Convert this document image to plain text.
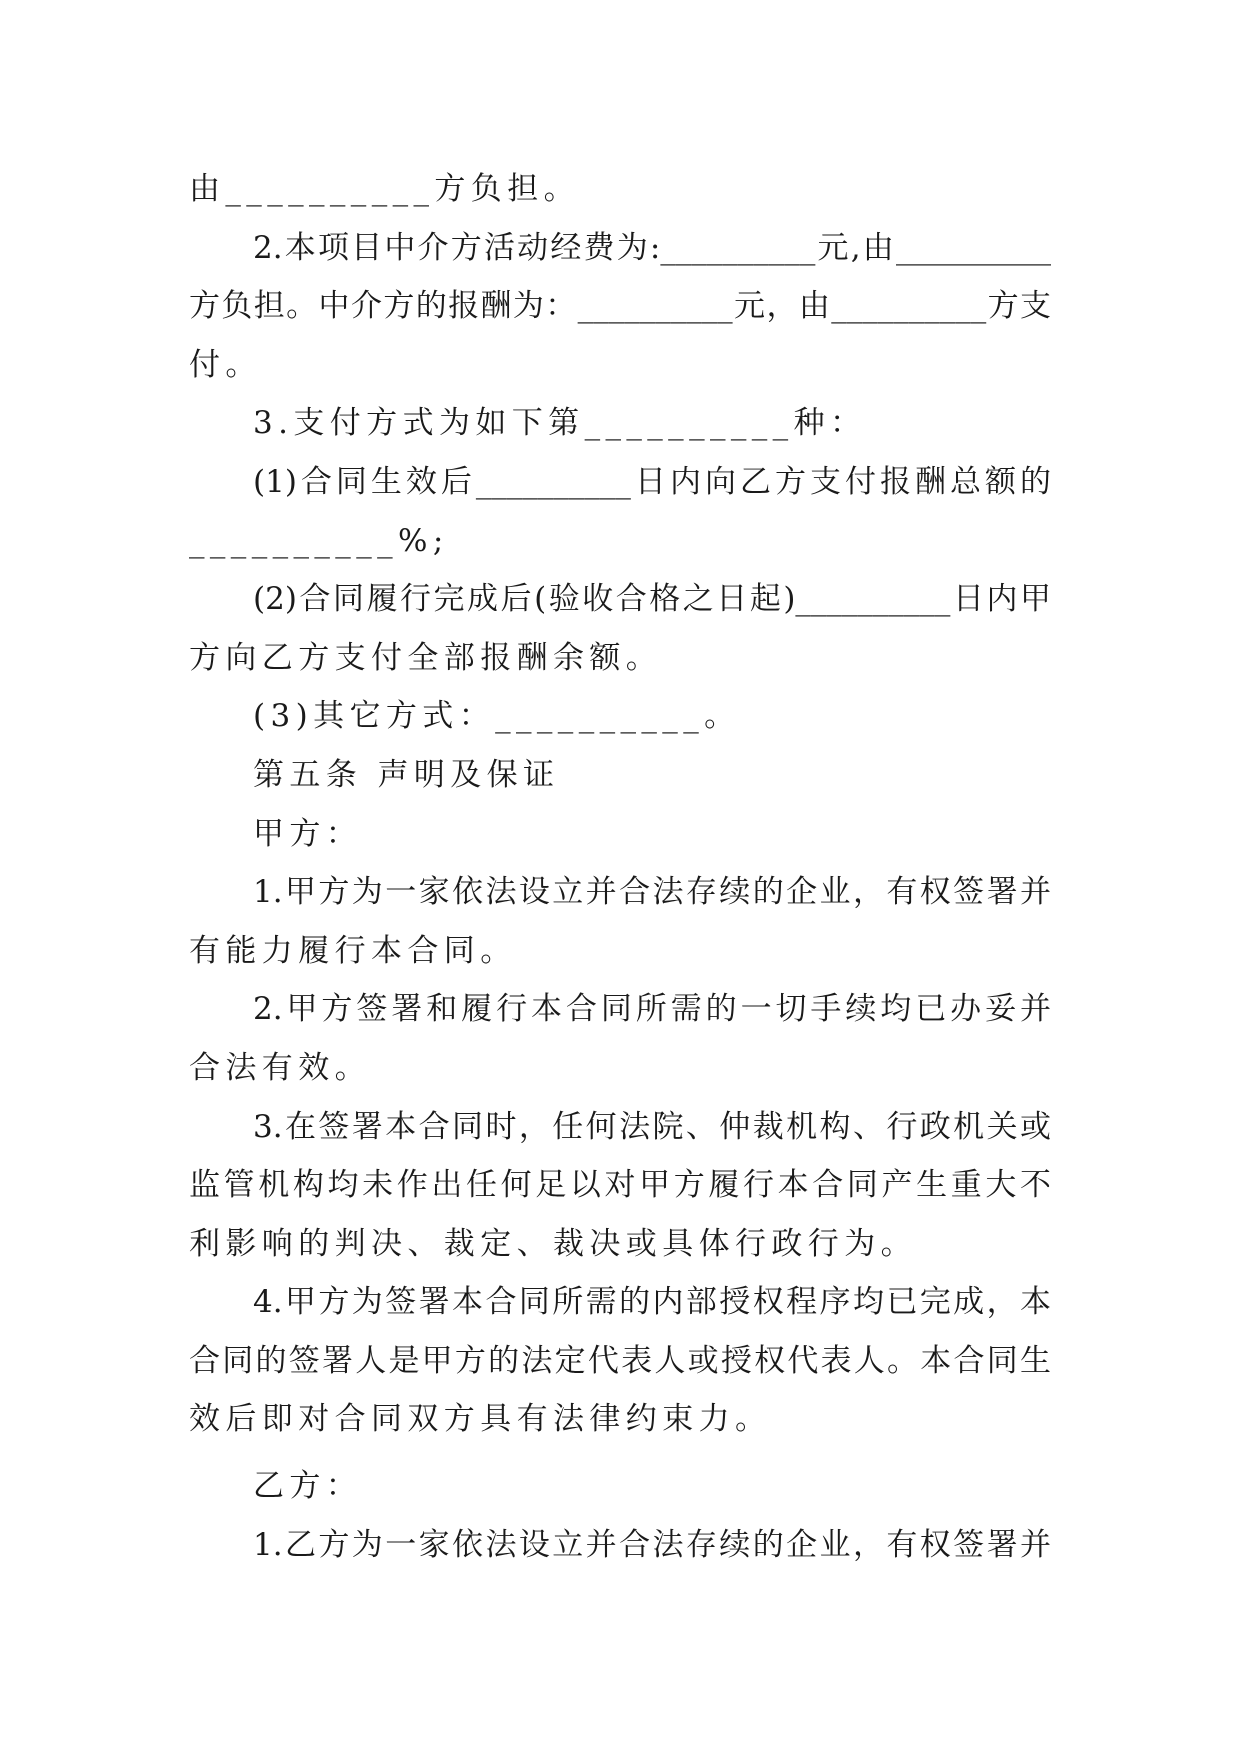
由__________方负担。
2.本项目中介方活动经费为:__________元,由__________
方负担。中介方的报酬为：__________元，由__________方支
付。
3.支付方式为如下第__________种：
(1)合同生效后__________日内向乙方支付报酬总额的
__________%;
(2)合同履行完成后(验收合格之日起)__________日内甲
方向乙方支付全部报酬余额。
(3)其它方式：__________。
第五条 声明及保证
甲方：
1.甲方为一家依法设立并合法存续的企业，有权签署并
有能力履行本合同。
2.甲方签署和履行本合同所需的一切手续均已办妥并
合法有效。
3.在签署本合同时，任何法院、仲裁机构、行政机关或
监管机构均未作出任何足以对甲方履行本合同产生重大不
利影响的判决、裁定、裁决或具体行政行为。
4.甲方为签署本合同所需的内部授权程序均已完成，本
合同的签署人是甲方的法定代表人或授权代表人。本合同生
效后即对合同双方具有法律约束力。
乙方：
1.乙方为一家依法设立并合法存续的企业，有权签署并
